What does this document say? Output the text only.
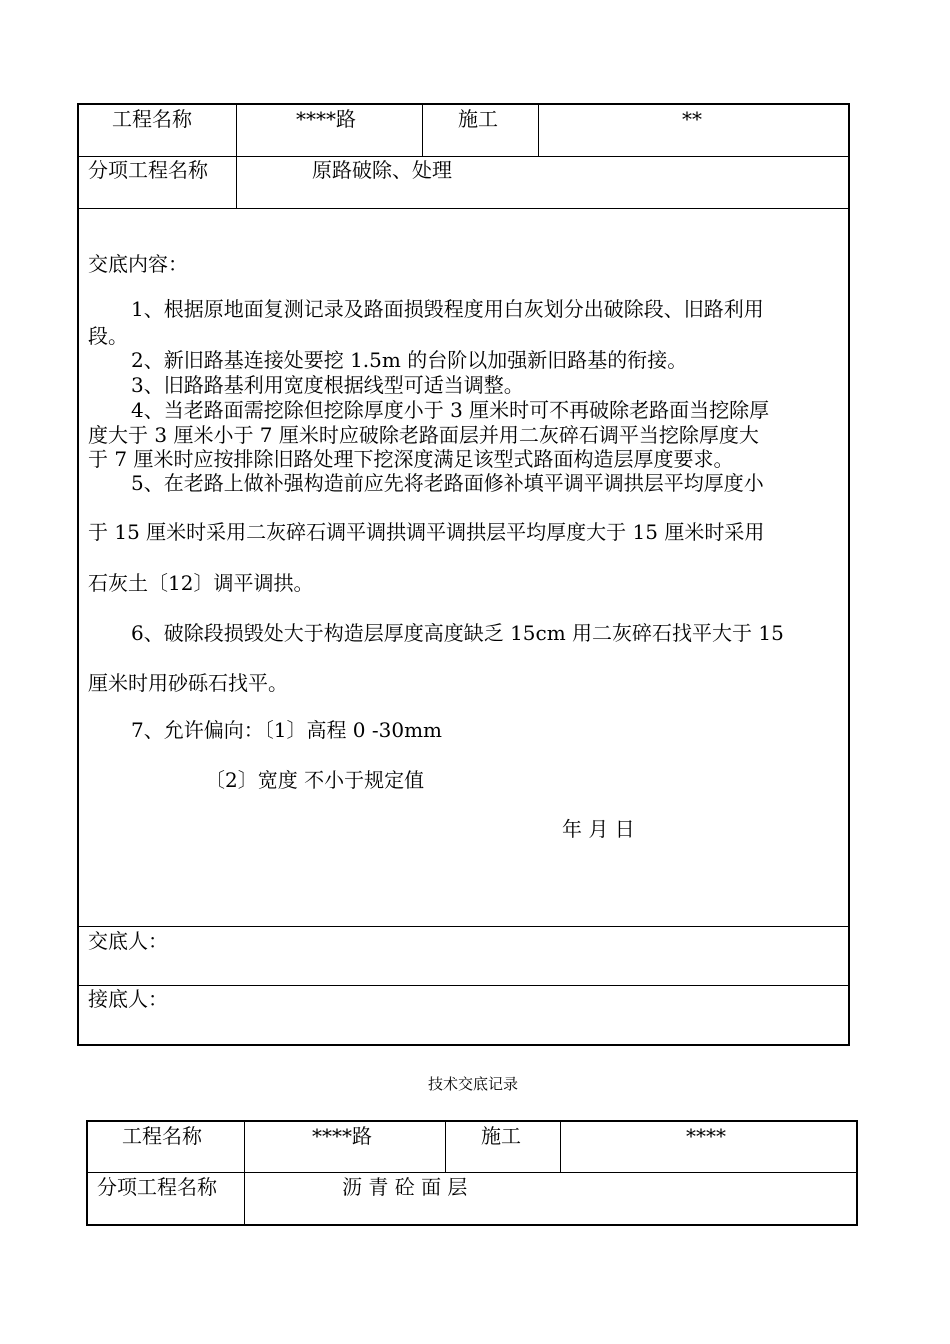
工程名称	****路	施工	**
分项工程名称	原路破除、处理
交底内容：
1、根据原地面复测记录及路面损毁程度用白灰划分出破除段、旧路利用
段。
2、新旧路基连接处要挖 1.5m 的台阶以加强新旧路基的衔接。
3、旧路路基利用宽度根据线型可适当调整。
4、当老路面需挖除但挖除厚度小于 3 厘米时可不再破除老路面当挖除厚
度大于 3 厘米小于 7 厘米时应破除老路面层并用二灰碎石调平当挖除厚度大
于 7 厘米时应按排除旧路处理下挖深度满足该型式路面构造层厚度要求。
5、在老路上做补强构造前应先将老路面修补填平调平调拱层平均厚度小
于 15 厘米时采用二灰碎石调平调拱调平调拱层平均厚度大于 15 厘米时采用
石灰土〔12〕调平调拱。
6、破除段损毁处大于构造层厚度高度缺乏 15cm 用二灰碎石找平大于 15
厘米时用砂砾石找平。
7、允许偏向：〔1〕高程 0 -30mm
〔2〕宽度 不小于规定值
年 月 日
交底人：
接底人：
技术交底记录
工程名称	****路	施工	****
分项工程名称	沥 青 砼 面 层
